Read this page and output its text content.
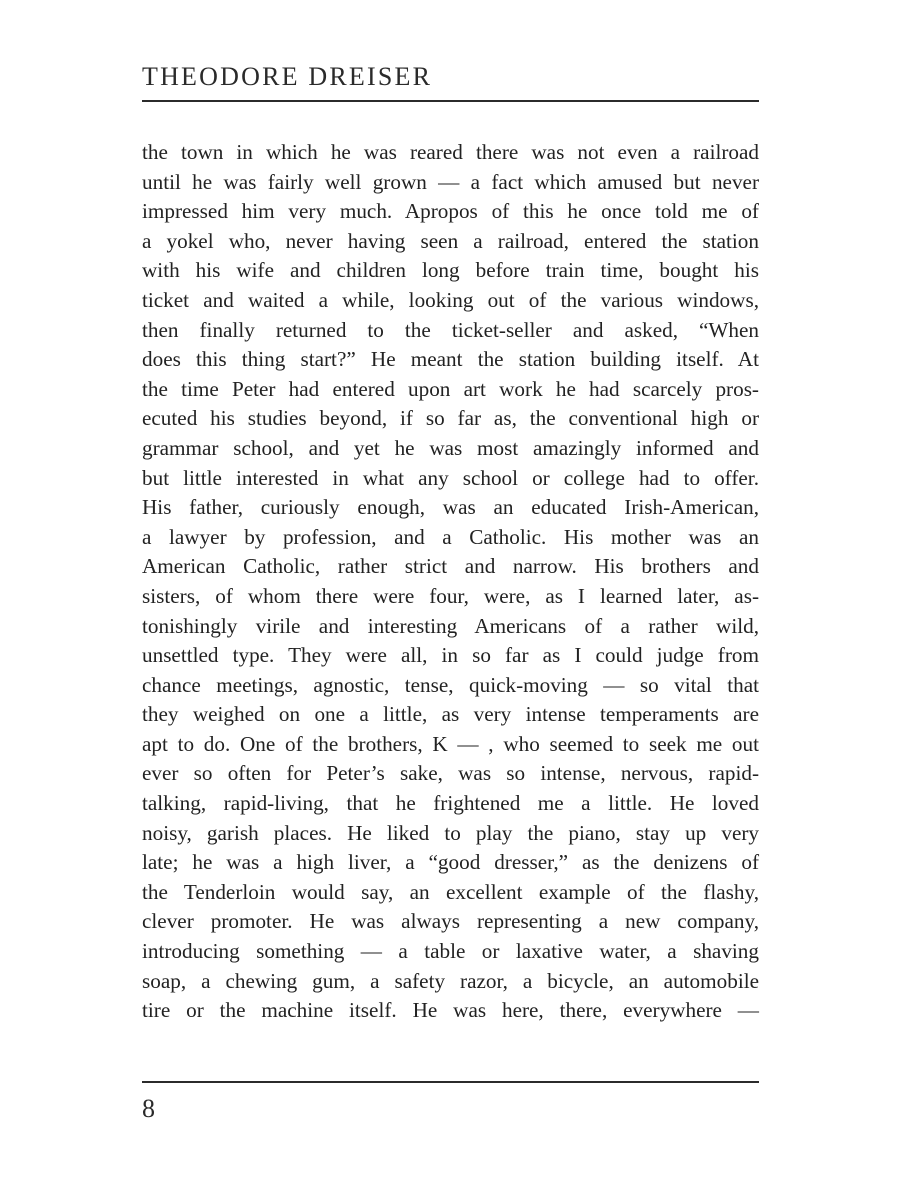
THEODORE DREISER
the town in which he was reared there was not even a railroad
until he was fairly well grown — a fact which amused but never
impressed him very much. Apropos of this he once told me of
a yokel who, never having seen a railroad, entered the station
with his wife and children long before train time, bought his
ticket and waited a while, looking out of the various windows,
then finally returned to the ticket-seller and asked, “When
does this thing start?” He meant the station building itself. At
the time Peter had entered upon art work he had scarcely pros-
ecuted his studies beyond, if so far as, the conventional high or
grammar school, and yet he was most amazingly informed and
but little interested in what any school or college had to offer.
His father, curiously enough, was an educated Irish-American,
a lawyer by profession, and a Catholic. His mother was an
American Catholic, rather strict and narrow. His brothers and
sisters, of whom there were four, were, as I learned later, as-
tonishingly virile and interesting Americans of a rather wild,
unsettled type. They were all, in so far as I could judge from
chance meetings, agnostic, tense, quick-moving — so vital that
they weighed on one a little, as very intense temperaments are
apt to do. One of the brothers, K — , who seemed to seek me out
ever so often for Peter’s sake, was so intense, nervous, rapid-
talking, rapid-living, that he frightened me a little. He loved
noisy, garish places. He liked to play the piano, stay up very
late; he was a high liver, a “good dresser,” as the denizens of
the Tenderloin would say, an excellent example of the flashy,
clever promoter. He was always representing a new company,
introducing something — a table or laxative water, a shaving
soap, a chewing gum, a safety razor, a bicycle, an automobile
tire or the machine itself. He was here, there, everywhere —
8
